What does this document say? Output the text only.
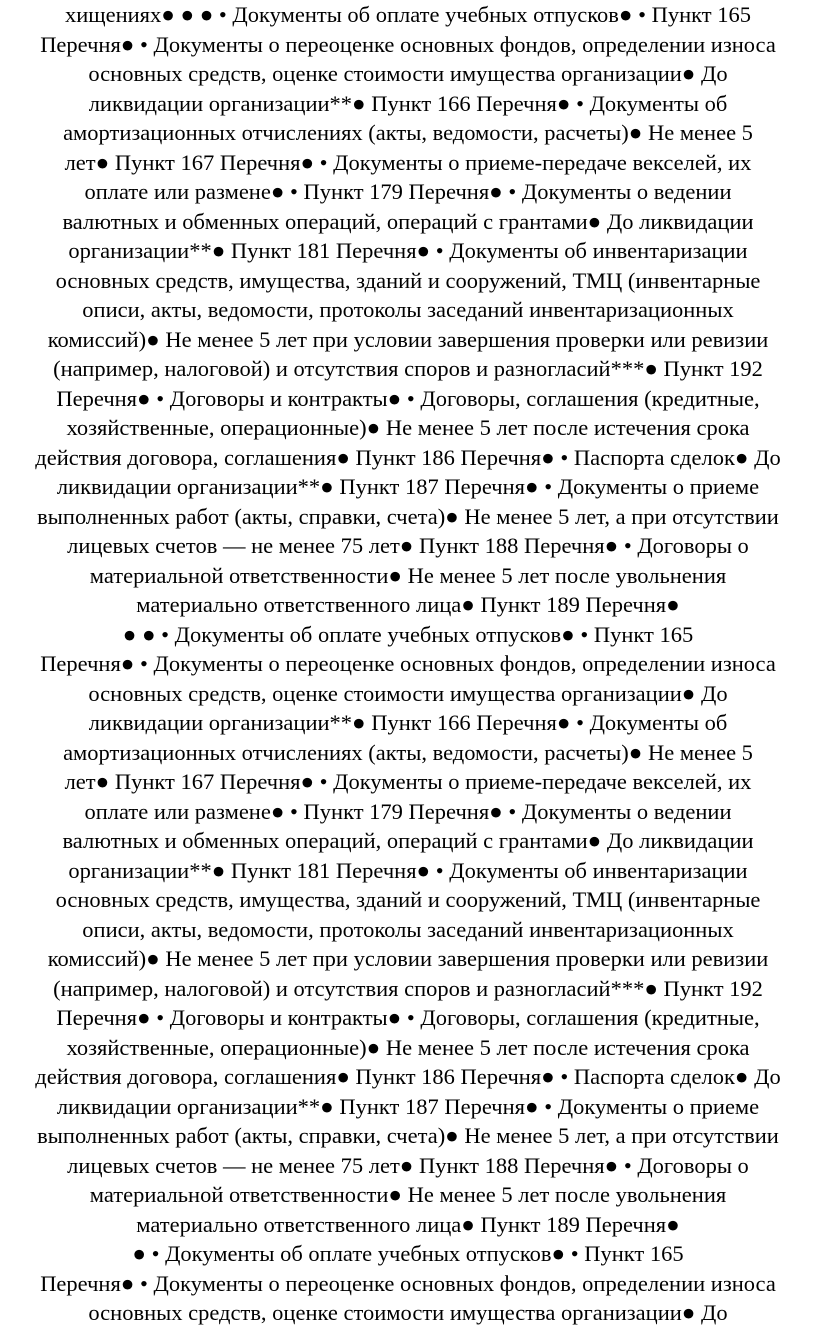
хищениях● ● ● • Документы об оплате учебных отпусков● • Пункт 165
Перечня● • Документы о переоценке основных фондов, определении износа
основных средств, оценке стоимости имущества организации● До
ликвидации организации**● Пункт 166 Перечня● • Документы об
амортизационных отчислениях (акты, ведомости, расчеты)● Не менее 5
лет● Пункт 167 Перечня● • Документы о приеме-передаче векселей, их
оплате или размене● • Пункт 179 Перечня● • Документы о ведении
валютных и обменных операций, операций с грантами● До ликвидации
организации**● Пункт 181 Перечня● • Документы об инвентаризации
основных средств, имущества, зданий и сооружений, ТМЦ (инвентарные
описи, акты, ведомости, протоколы заседаний инвентаризационных
комиссий)● Не менее 5 лет при условии завершения проверки или ревизии
(например, налоговой) и отсутствия споров и разногласий***● Пункт 192
Перечня● • Договоры и контракты● • Договоры, соглашения (кредитные,
хозяйственные, операционные)● Не менее 5 лет после истечения срока
действия договора, соглашения● Пункт 186 Перечня● • Паспорта сделок● До
ликвидации организации**● Пункт 187 Перечня● • Документы о приеме
выполненных работ (акты, справки, счета)● Не менее 5 лет, а при отсутствии
лицевых счетов — не менее 75 лет● Пункт 188 Перечня● • Договоры о
материальной ответственности● Не менее 5 лет после увольнения
материально ответственного лица● Пункт 189 Перечня●
● ● • Документы об оплате учебных отпусков● • Пункт 165
Перечня● • Документы о переоценке основных фондов, определении износа
основных средств, оценке стоимости имущества организации● До
ликвидации организации**● Пункт 166 Перечня● • Документы об
амортизационных отчислениях (акты, ведомости, расчеты)● Не менее 5
лет● Пункт 167 Перечня● • Документы о приеме-передаче векселей, их
оплате или размене● • Пункт 179 Перечня● • Документы о ведении
валютных и обменных операций, операций с грантами● До ликвидации
организации**● Пункт 181 Перечня● • Документы об инвентаризации
основных средств, имущества, зданий и сооружений, ТМЦ (инвентарные
описи, акты, ведомости, протоколы заседаний инвентаризационных
комиссий)● Не менее 5 лет при условии завершения проверки или ревизии
(например, налоговой) и отсутствия споров и разногласий***● Пункт 192
Перечня● • Договоры и контракты● • Договоры, соглашения (кредитные,
хозяйственные, операционные)● Не менее 5 лет после истечения срока
действия договора, соглашения● Пункт 186 Перечня● • Паспорта сделок● До
ликвидации организации**● Пункт 187 Перечня● • Документы о приеме
выполненных работ (акты, справки, счета)● Не менее 5 лет, а при отсутствии
лицевых счетов — не менее 75 лет● Пункт 188 Перечня● • Договоры о
материальной ответственности● Не менее 5 лет после увольнения
материально ответственного лица● Пункт 189 Перечня●
● • Документы об оплате учебных отпусков● • Пункт 165
Перечня● • Документы о переоценке основных фондов, определении износа
основных средств, оценке стоимости имущества организации● До
